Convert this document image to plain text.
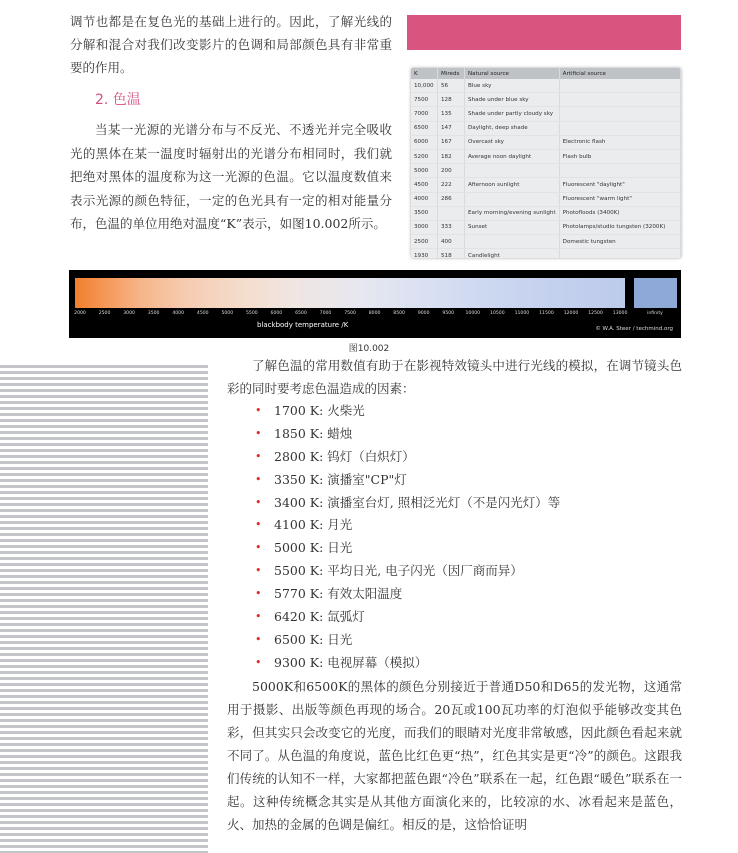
调节也都是在复色光的基础上进行的。因此，了解光线的分解和混合对我们改变影片的色调和局部颜色具有非常重要的作用。
2. 色温
当某一光源的光谱分布与不反光、不透光并完全吸收光的黑体在某一温度时辐射出的光谱分布相同时，我们就把绝对黑体的温度称为这一光源的色温。它以温度数值来表示光源的颜色特征，一定的色光具有一定的相对能量分布，色温的单位用绝对温度“K”表示，如图10.002所示。
K	Mireds	Natural source	Artificial source
10,000	56	Blue sky	
7500	128	Shade under blue sky	
7000	135	Shade under partly cloudy sky	
6500	147	Daylight, deep shade	
6000	167	Overcast sky	Electronic flash
5200	182	Average noon daylight	Flash bulb
5000	200		
4500	222	Afternoon sunlight	Fluorescent "daylight"
4000	286		Fluorescent "warm light"
3500		Early morning/evening sunlight	Photofloods (3400K)
3000	333	Sunset	Photolamps/studio tungsten (3200K)
2500	400		Domestic tungsten
1930	518	Candlelight	
2000	2500	3000	3500	4000	4500	5000	5500	6000	6500	7000	7500	8000	8500	9000	9500 10000 10500 11000 11500 12000 12500 13000	infinity
blackbody temperature /K	© W.A. Steer / techmind.org
图10.002

了解色温的常用数值有助于在影视特效镜头中进行光线的模拟，在调节镜头色彩的同时要考虑色温造成的因素：

• 1700 K: 火柴光
• 1850 K: 蜡烛
• 2800 K: 钨灯（白炽灯）
• 3350 K: 演播室"CP"灯
• 3400 K: 演播室台灯, 照相泛光灯（不是闪光灯）等
• 4100 K: 月光
• 5000 K: 日光
• 5500 K: 平均日光, 电子闪光（因厂商而异）
• 5770 K: 有效太阳温度
• 6420 K: 氙弧灯
• 6500 K: 日光
• 9300 K: 电视屏幕（模拟）

5000K和6500K的黑体的颜色分别接近于普通D50和D65的发光物，这通常用于摄影、出版等颜色再现的场合。20瓦或100瓦功率的灯泡似乎能够改变其色彩，但其实只会改变它的光度，而我们的眼睛对光度非常敏感，因此颜色看起来就不同了。从色温的角度说，蓝色比红色更“热”，红色其实是更“冷”的颜色。这跟我们传统的认知不一样，大家都把蓝色跟“冷色”联系在一起，红色跟“暖色”联系在一起。这种传统概念其实是从其他方面演化来的，比较凉的水、冰看起来是蓝色，火、加热的金属的色调是偏红。相反的是，这恰恰证明
